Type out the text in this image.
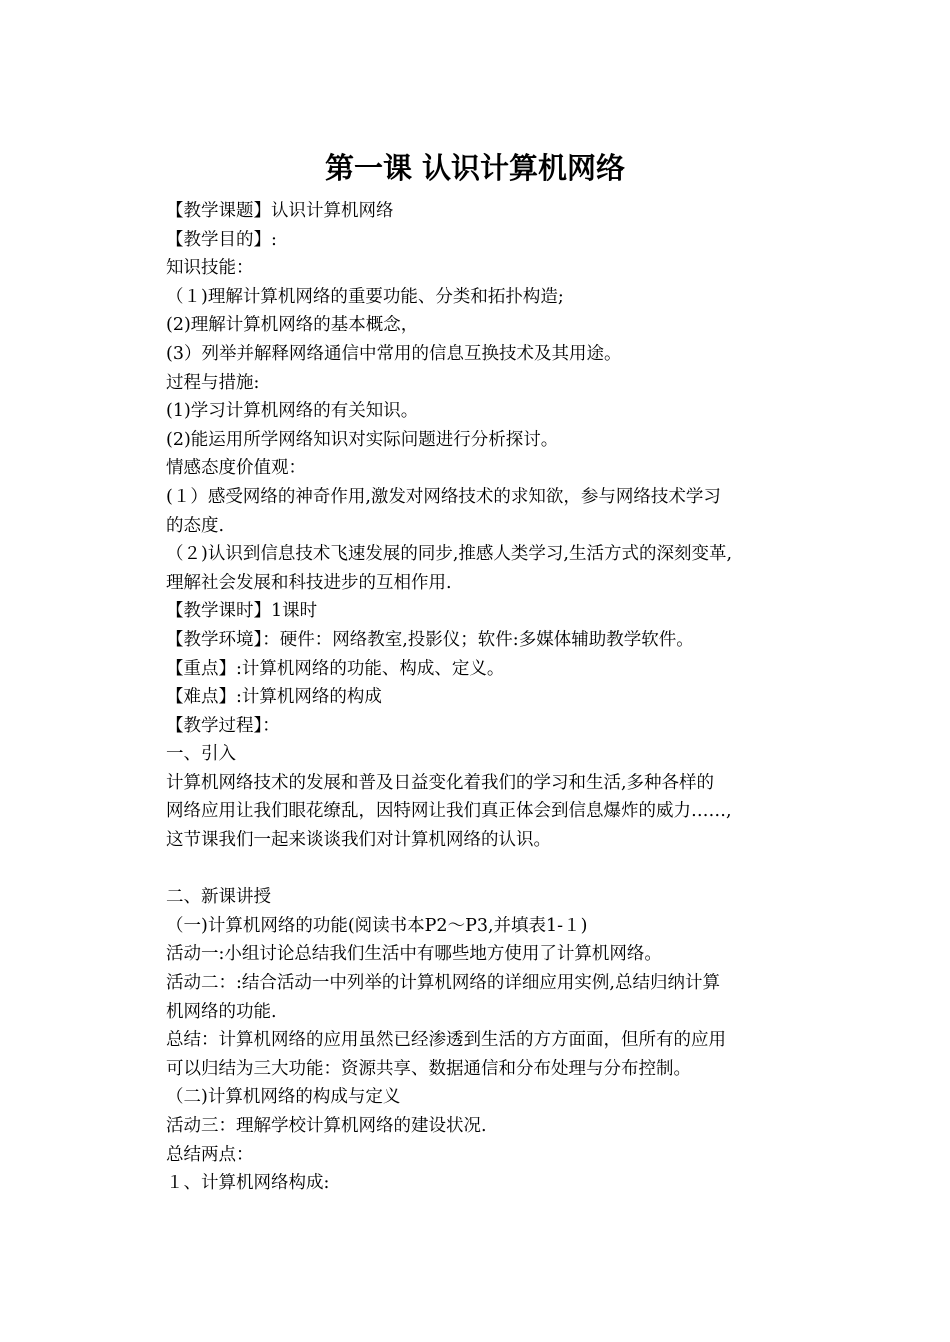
第一课 认识计算机网络
【教学课题】认识计算机网络
【教学目的】:
知识技能：
（１)理解计算机网络的重要功能、分类和拓扑构造;
(2)理解计算机网络的基本概念，
(3）列举并解释网络通信中常用的信息互换技术及其用途。
过程与措施:
(1)学习计算机网络的有关知识。
(2)能运用所学网络知识对实际问题进行分析探讨。
情感态度价值观：
(１）感受网络的神奇作用,激发对网络技术的求知欲，参与网络技术学习
的态度.
（２)认识到信息技术飞速发展的同步,推感人类学习,生活方式的深刻变革,
理解社会发展和科技进步的互相作用.
【教学课时】1课时
【教学环境】：硬件：网络教室,投影仪；软件:多媒体辅助教学软件。
【重点】:计算机网络的功能、构成、定义。
【难点】:计算机网络的构成
【教学过程】：
一、引入
计算机网络技术的发展和普及日益变化着我们的学习和生活,多种各样的
网络应用让我们眼花缭乱，因特网让我们真正体会到信息爆炸的威力……,
这节课我们一起来谈谈我们对计算机网络的认识。
二、新课讲授
（一)计算机网络的功能(阅读书本P2～P3,并填表1-１)
活动一:小组讨论总结我们生活中有哪些地方使用了计算机网络。
活动二：:结合活动一中列举的计算机网络的详细应用实例,总结归纳计算
机网络的功能.
总结：计算机网络的应用虽然已经渗透到生活的方方面面，但所有的应用
可以归结为三大功能：资源共享、数据通信和分布处理与分布控制。
（二)计算机网络的构成与定义
活动三：理解学校计算机网络的建设状况.
总结两点：
１、计算机网络构成:
